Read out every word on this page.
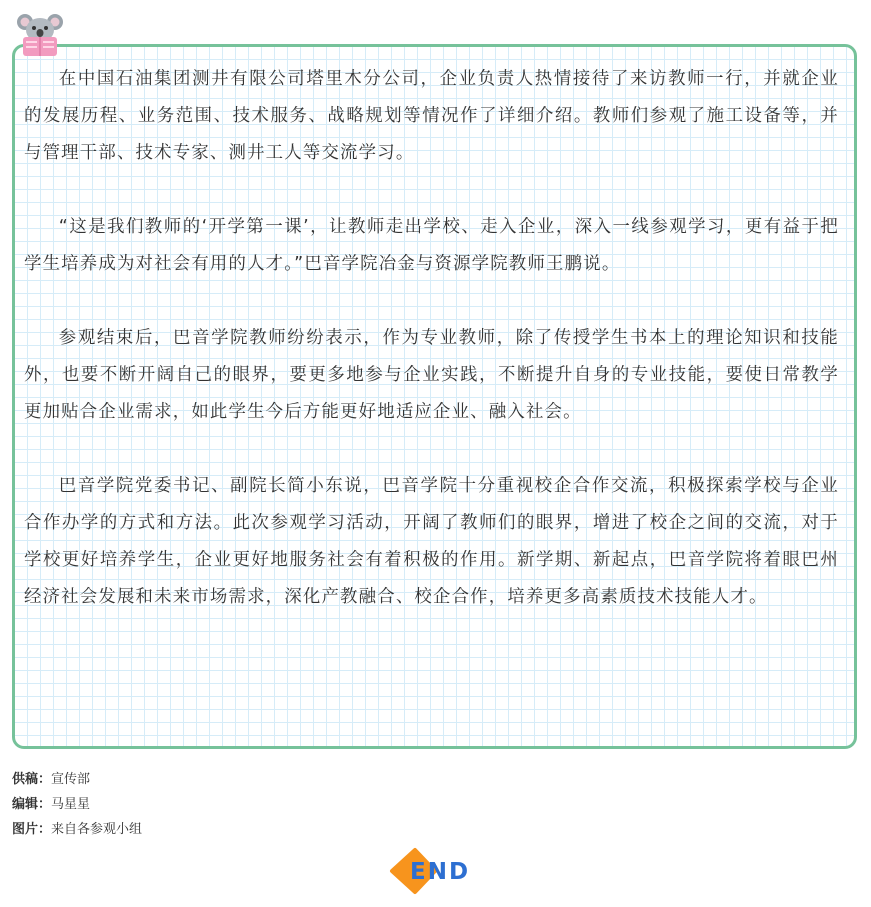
在中国石油集团测井有限公司塔里木分公司，企业负责人热情接待了来访教师一行，并就企业的发展历程、业务范围、技术服务、战略规划等情况作了详细介绍。教师们参观了施工设备等，并与管理干部、技术专家、测井工人等交流学习。

“这是我们教师的‘开学第一课’，让教师走出学校、走入企业，深入一线参观学习，更有益于把学生培养成为对社会有用的人才。”巴音学院冶金与资源学院教师王鹏说。

参观结束后，巴音学院教师纷纷表示，作为专业教师，除了传授学生书本上的理论知识和技能外，也要不断开阔自己的眼界，要更多地参与企业实践，不断提升自身的专业技能，要使日常教学更加贴合企业需求，如此学生今后方能更好地适应企业、融入社会。

巴音学院党委书记、副院长简小东说，巴音学院十分重视校企合作交流，积极探索学校与企业合作办学的方式和方法。此次参观学习活动，开阔了教师们的眼界，增进了校企之间的交流，对于学校更好培养学生，企业更好地服务社会有着积极的作用。新学期、新起点，巴音学院将着眼巴州经济社会发展和未来市场需求，深化产教融合、校企合作，培养更多高素质技术技能人才。

供稿：宣传部
编辑：马星星
图片：来自各参观小组
END
